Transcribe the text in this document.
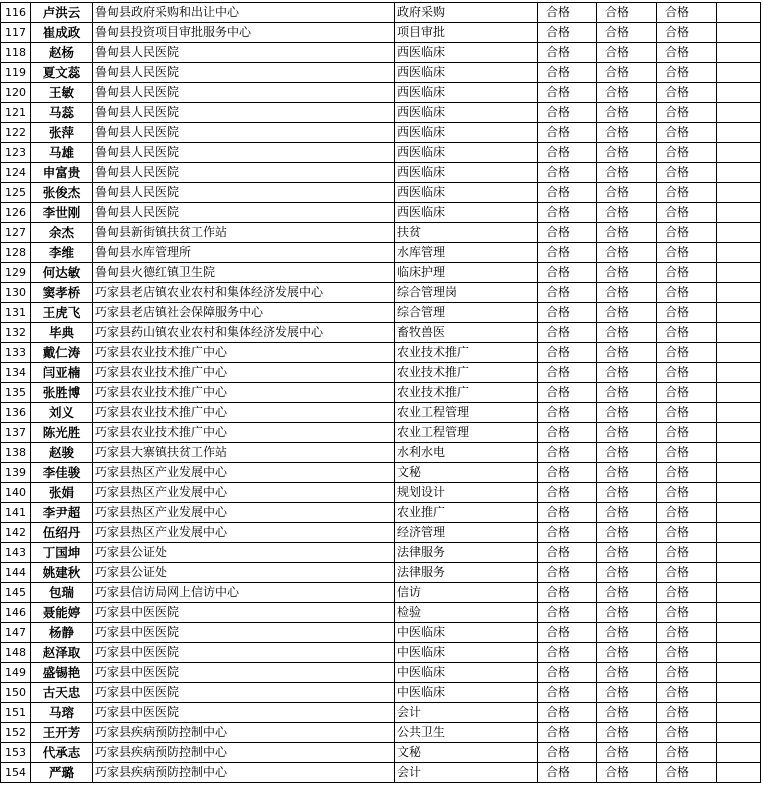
116	卢洪云	鲁甸县政府采购和出让中心	政府采购	合格	合格	合格	
117	崔成政	鲁甸县投资项目审批服务中心	项目审批	合格	合格	合格	
118	赵杨	鲁甸县人民医院	西医临床	合格	合格	合格	
119	夏文蕊	鲁甸县人民医院	西医临床	合格	合格	合格	
120	王敏	鲁甸县人民医院	西医临床	合格	合格	合格	
121	马蕊	鲁甸县人民医院	西医临床	合格	合格	合格	
122	张萍	鲁甸县人民医院	西医临床	合格	合格	合格	
123	马雄	鲁甸县人民医院	西医临床	合格	合格	合格	
124	申富贵	鲁甸县人民医院	西医临床	合格	合格	合格	
125	张俊杰	鲁甸县人民医院	西医临床	合格	合格	合格	
126	李世刚	鲁甸县人民医院	西医临床	合格	合格	合格	
127	余杰	鲁甸县新街镇扶贫工作站	扶贫	合格	合格	合格	
128	李维	鲁甸县水库管理所	水库管理	合格	合格	合格	
129	何达敏	鲁甸县火德红镇卫生院	临床护理	合格	合格	合格	
130	窦孝桥	巧家县老店镇农业农村和集体经济发展中心	综合管理岗	合格	合格	合格	
131	王虎飞	巧家县老店镇社会保障服务中心	综合管理	合格	合格	合格	
132	毕典	巧家县药山镇农业农村和集体经济发展中心	畜牧兽医	合格	合格	合格	
133	戴仁涛	巧家县农业技术推广中心	农业技术推广	合格	合格	合格	
134	闫亚楠	巧家县农业技术推广中心	农业技术推广	合格	合格	合格	
135	张胜博	巧家县农业技术推广中心	农业技术推广	合格	合格	合格	
136	刘义	巧家县农业技术推广中心	农业工程管理	合格	合格	合格	
137	陈光胜	巧家县农业技术推广中心	农业工程管理	合格	合格	合格	
138	赵骏	巧家县大寨镇扶贫工作站	水利水电	合格	合格	合格	
139	李佳骏	巧家县热区产业发展中心	文秘	合格	合格	合格	
140	张娟	巧家县热区产业发展中心	规划设计	合格	合格	合格	
141	李尹超	巧家县热区产业发展中心	农业推广	合格	合格	合格	
142	伍绍丹	巧家县热区产业发展中心	经济管理	合格	合格	合格	
143	丁国坤	巧家县公证处	法律服务	合格	合格	合格	
144	姚建秋	巧家县公证处	法律服务	合格	合格	合格	
145	包瑞	巧家县信访局网上信访中心	信访	合格	合格	合格	
146	聂能婷	巧家县中医医院	检验	合格	合格	合格	
147	杨静	巧家县中医医院	中医临床	合格	合格	合格	
148	赵泽取	巧家县中医医院	中医临床	合格	合格	合格	
149	盛锡艳	巧家县中医医院	中医临床	合格	合格	合格	
150	古天忠	巧家县中医医院	中医临床	合格	合格	合格	
151	马瑢	巧家县中医医院	会计	合格	合格	合格	
152	王开芳	巧家县疾病预防控制中心	公共卫生	合格	合格	合格	
153	代承志	巧家县疾病预防控制中心	文秘	合格	合格	合格	
154	严璐	巧家县疾病预防控制中心	会计	合格	合格	合格	
